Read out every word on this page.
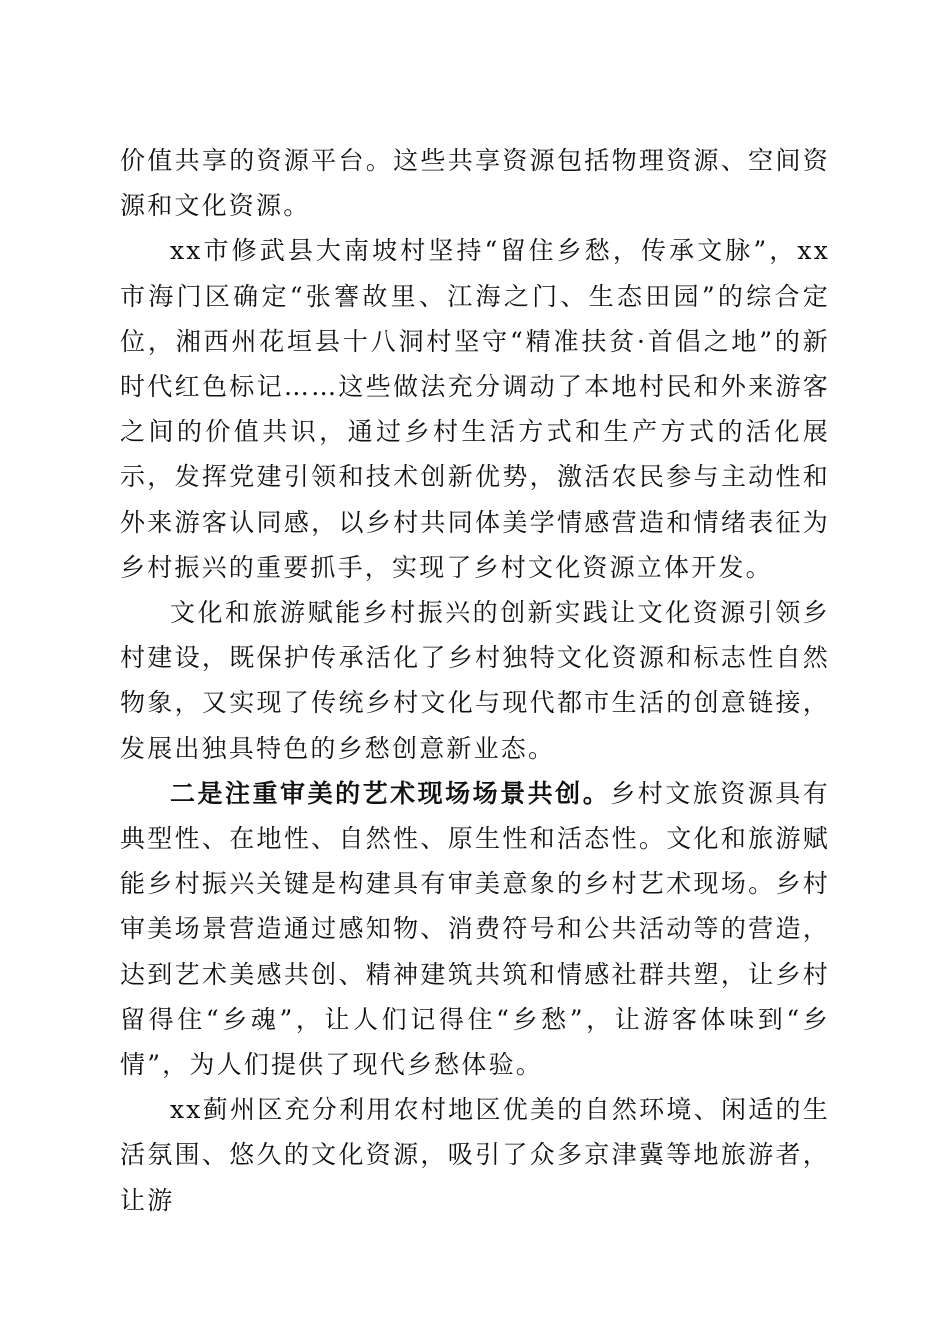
价值共享的资源平台。这些共享资源包括物理资源、空间资源和文化资源。

xx市修武县大南坡村坚持“留住乡愁，传承文脉”，xx市海门区确定“张謇故里、江海之门、生态田园”的综合定位，湘西州花垣县十八洞村坚守“精准扶贫·首倡之地”的新时代红色标记……这些做法充分调动了本地村民和外来游客之间的价值共识，通过乡村生活方式和生产方式的活化展示，发挥党建引领和技术创新优势，激活农民参与主动性和外来游客认同感，以乡村共同体美学情感营造和情绪表征为乡村振兴的重要抓手，实现了乡村文化资源立体开发。

文化和旅游赋能乡村振兴的创新实践让文化资源引领乡村建设，既保护传承活化了乡村独特文化资源和标志性自然物象，又实现了传统乡村文化与现代都市生活的创意链接，发展出独具特色的乡愁创意新业态。

二是注重审美的艺术现场场景共创。乡村文旅资源具有典型性、在地性、自然性、原生性和活态性。文化和旅游赋能乡村振兴关键是构建具有审美意象的乡村艺术现场。乡村审美场景营造通过感知物、消费符号和公共活动等的营造，达到艺术美感共创、精神建筑共筑和情感社群共塑，让乡村留得住“乡魂”，让人们记得住“乡愁”，让游客体味到“乡情”，为人们提供了现代乡愁体验。

xx蓟州区充分利用农村地区优美的自然环境、闲适的生活氛围、悠久的文化资源，吸引了众多京津冀等地旅游者，让游
